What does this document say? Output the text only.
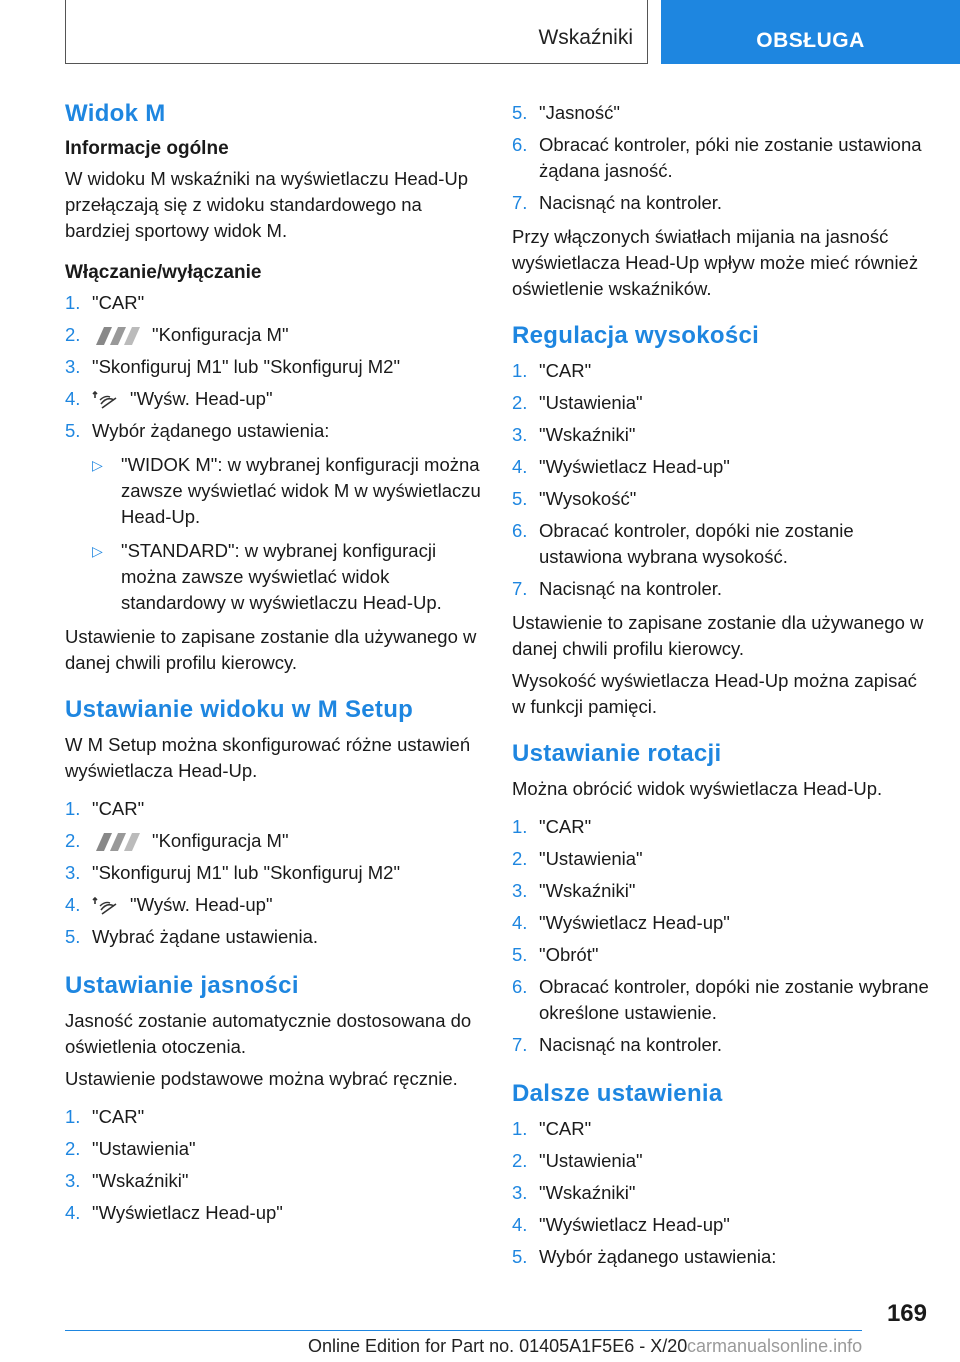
Wskaźniki	OBSŁUGA
Widok M
Informacje ogólne

W widoku M wskaźniki na wyświetlaczu Head-Up przełączają się z widoku standardowego na bardziej sportowy widok M.

Włączanie/wyłączanie
1. "CAR"
2.	"Konfiguracja M"
3. "Skonfiguruj M1" lub "Skonfiguruj M2"
4.	"Wyśw. Head-up"
5. Wybór żądanego ustawienia:
▷ "WIDOK M": w wybranej konfiguracji można zawsze wyświetlać widok M w wyświetlaczu Head-Up.
▷ "STANDARD": w wybranej konfiguracji można zawsze wyświetlać widok standardowy w wyświetlaczu Head-Up.

Ustawienie to zapisane zostanie dla używanego w danej chwili profilu kierowcy.

Ustawianie widoku w M Setup

W M Setup można skonfigurować różne ustawień wyświetlacza Head-Up.

1. "CAR"
2.	"Konfiguracja M"
3. "Skonfiguruj M1" lub "Skonfiguruj M2"
4.	"Wyśw. Head-up"
5. Wybrać żądane ustawienia.
Ustawianie jasności

Jasność zostanie automatycznie dostosowana do oświetlenia otoczenia.

Ustawienie podstawowe można wybrać ręcznie.

1. "CAR"
2. "Ustawienia"
3. "Wskaźniki"
4. "Wyświetlacz Head-up"
5. "Jasność"
6. Obracać kontroler, póki nie zostanie ustawiona żądana jasność.
7. Nacisnąć na kontroler.

Przy włączonych światłach mijania na jasność wyświetlacza Head-Up wpływ może mieć również oświetlenie wskaźników.

Regulacja wysokości
1. "CAR"
2. "Ustawienia"
3. "Wskaźniki"
4. "Wyświetlacz Head-up"
5. "Wysokość"
6. Obracać kontroler, dopóki nie zostanie ustawiona wybrana wysokość.
7. Nacisnąć na kontroler.

Ustawienie to zapisane zostanie dla używanego w danej chwili profilu kierowcy.

Wysokość wyświetlacza Head-Up można zapisać w funkcji pamięci.

Ustawianie rotacji

Można obrócić widok wyświetlacza Head-Up.

1. "CAR"
2. "Ustawienia"
3. "Wskaźniki"
4. "Wyświetlacz Head-up"
5. "Obrót"
6. Obracać kontroler, dopóki nie zostanie wybrane określone ustawienie.
7. Nacisnąć na kontroler.
Dalsze ustawienia
1. "CAR"
2. "Ustawienia"
3. "Wskaźniki"
4. "Wyświetlacz Head-up"
5. Wybór żądanego ustawienia:
169
Online Edition for Part no. 01405A1F5E6 - X/20 carmanualsonline.info
